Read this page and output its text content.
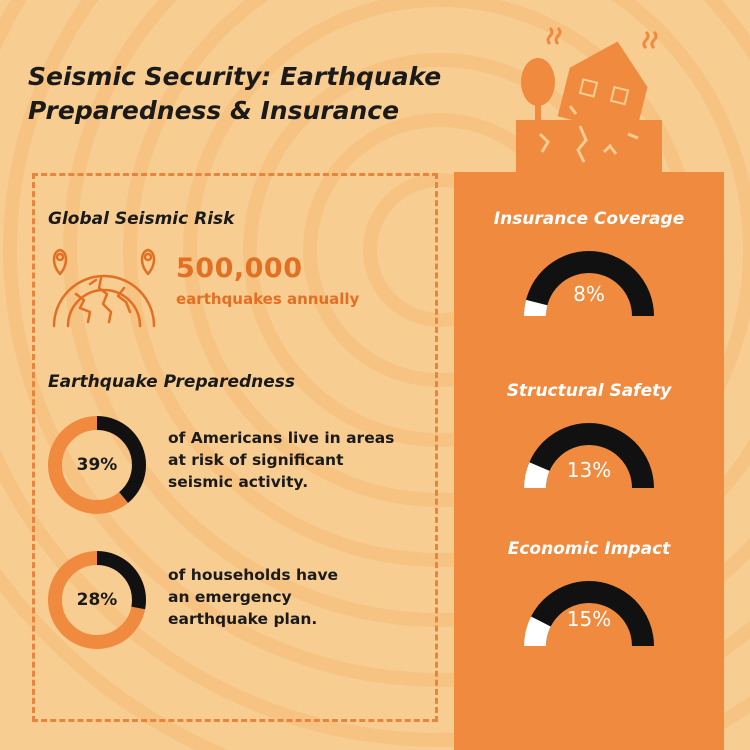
Seismic Security: Earthquake
Preparedness & Insurance
Global Seismic Risk
500,000
earthquakes annually
Earthquake Preparedness
39%
of Americans live in areas
at risk of significant
seismic activity.
28%
of households have
an emergency
earthquake plan.
Insurance Coverage
8%
Structural Safety
13%
Economic Impact
15%
